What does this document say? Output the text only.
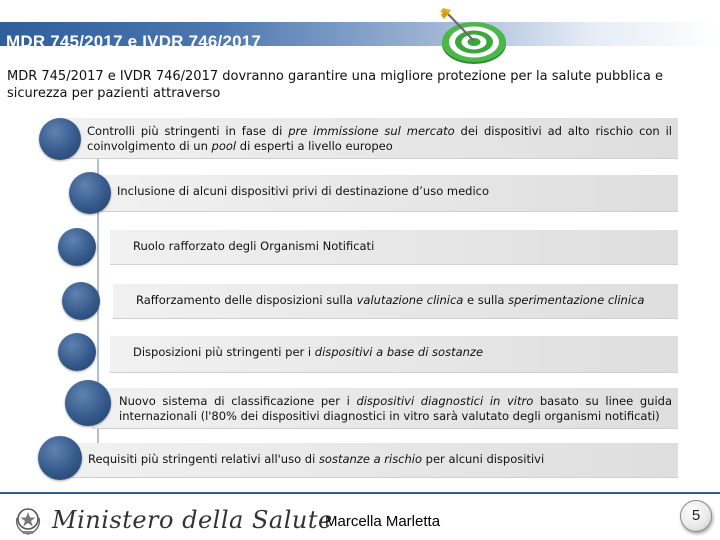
MDR 745/2017 e IVDR 746/2017
MDR 745/2017 e IVDR 746/2017 dovranno garantire una migliore protezione per la salute pubblica e sicurezza per pazienti attraverso
Controlli più stringenti in fase di pre immissione sul mercato dei dispositivi ad alto rischio con il coinvolgimento di un pool di esperti a livello europeo
Inclusione di alcuni dispositivi privi di destinazione d’uso medico
Ruolo rafforzato degli Organismi Notificati
Rafforzamento delle disposizioni sulla valutazione clinica e sulla sperimentazione clinica
Disposizioni più stringenti per i dispositivi a base di sostanze
Nuovo sistema di classificazione per i dispositivi diagnostici in vitro basato su linee guida internazionali (l'80% dei dispositivi diagnostici in vitro sarà valutato degli organismi notificati)
Requisiti più stringenti relativi all'uso di sostanze a rischio per alcuni dispositivi
Ministero della Salute
Marcella Marletta	5
